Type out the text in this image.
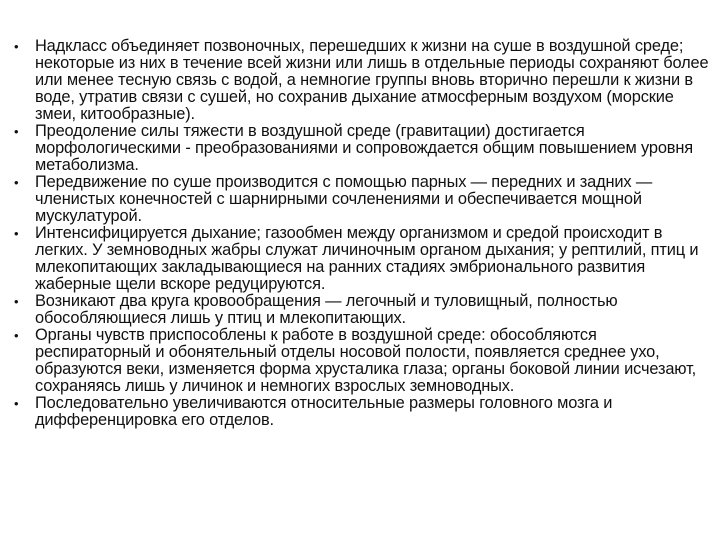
• Надкласс объединяет позвоночных, перешедших к жизни на суше в воздушной среде; некоторые из них в течение всей жизни или лишь в отдельные периоды сохраняют более или менее тесную связь с водой, а немногие группы вновь вторично перешли к жизни в воде, утратив связи с сушей, но сохранив дыхание атмосферным воздухом (морские змеи, китообразные).
• Преодоление силы тяжести в воздушной среде (гравитации) достигается морфологическими - преобразованиями и сопровождается общим повышением уровня метаболизма.
• Передвижение по суше производится с помощью парных — передних и задних — членистых конечностей с шарнирными сочленениями и обеспечивается мощной мускулатурой.
• Интенсифицируется дыхание; газообмен между организмом и средой происходит в легких. У земноводных жабры служат личиночным органом дыхания; у рептилий, птиц и млекопитающих закладывающиеся на ранних стадиях эмбрионального развития жаберные щели вскоре редуцируются.
• Возникают два круга кровообращения — легочный и туловищный, полностью обособляющиеся лишь у птиц и млекопитающих.
• Органы чувств приспособлены к работе в воздушной среде: обособляются респираторный и обонятельный отделы носовой полости, появляется среднее ухо, образуются веки, изменяется форма хрусталика глаза; органы боковой линии исчезают, сохраняясь лишь у личинок и немногих взрослых земноводных.
• Последовательно увеличиваются относительные размеры головного мозга и дифференцировка его отделов.
